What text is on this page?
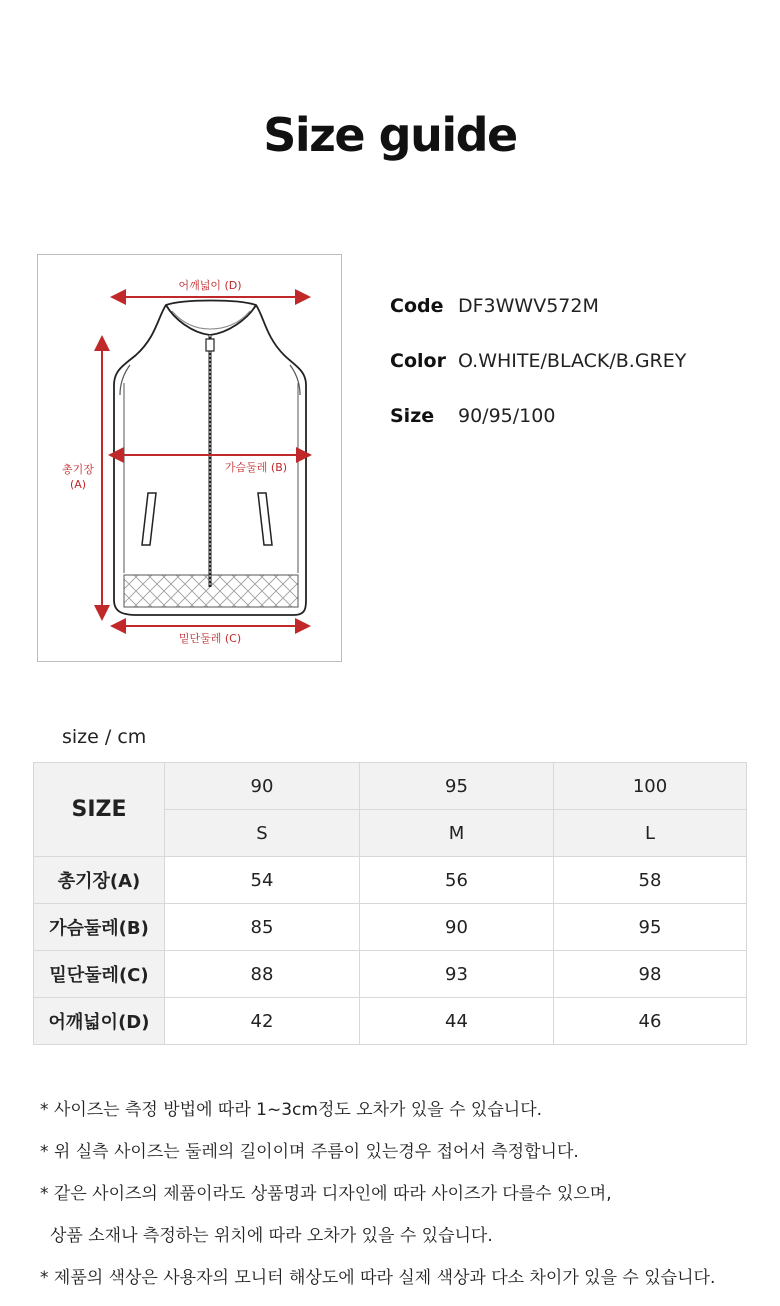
Size guide
어깨넓이 (D)
가슴둘레 (B)
총기장
(A)
밑단둘레 (C)
Code DF3WWV572M
Color O.WHITE/BLACK/B.GREY
Size	90/95/100
size / cm
SIZE	90	95	100
	S	M	L
총기장(A)	54	56	58
가슴둘레(B)	85	90	95
밑단둘레(C)	88	93	98
어깨넓이(D)	42	44	46
* 사이즈는 측정 방법에 따라 1~3cm정도 오차가 있을 수 있습니다.
* 위 실측 사이즈는 둘레의 길이이며 주름이 있는경우 접어서 측정합니다.
* 같은 사이즈의 제품이라도 상품명과 디자인에 따라 사이즈가 다를수 있으며,
상품 소재나 측정하는 위치에 따라 오차가 있을 수 있습니다.
* 제품의 색상은 사용자의 모니터 해상도에 따라 실제 색상과 다소 차이가 있을 수 있습니다.
